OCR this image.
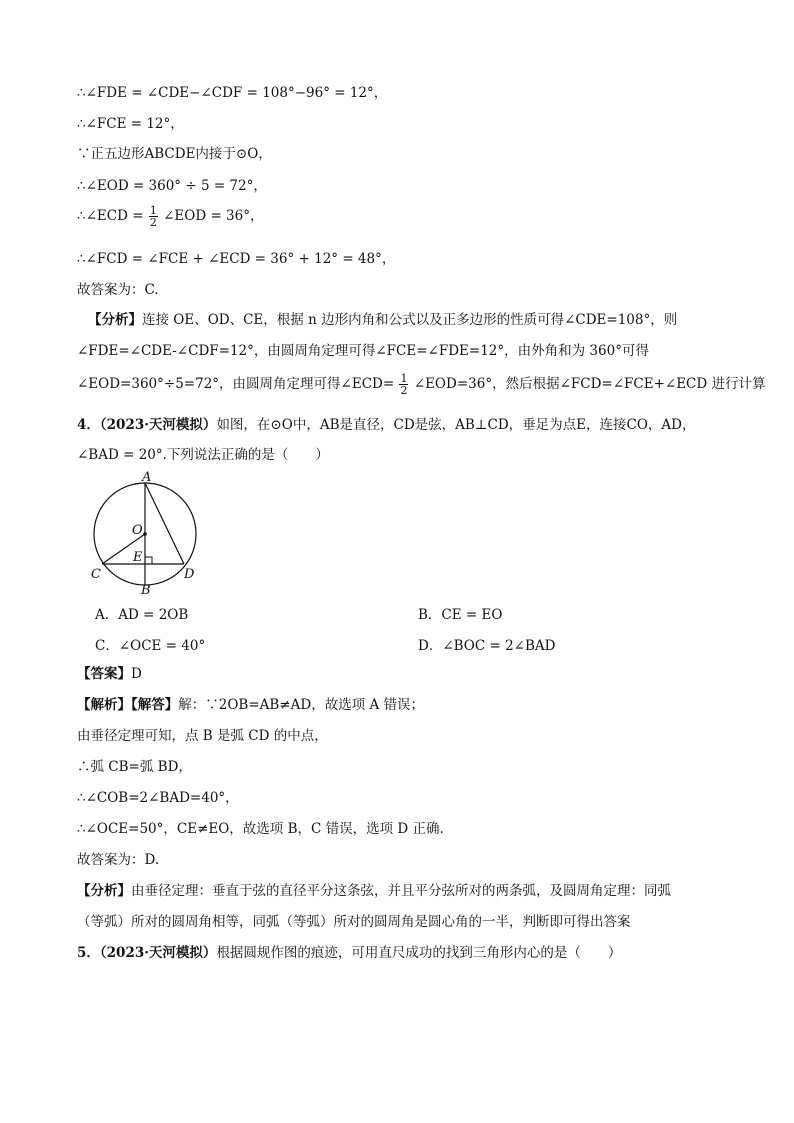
∴∠FDE = ∠CDE−∠CDF = 108°−96° = 12°，
∴∠FCE = 12°，
∵正五边形ABCDE内接于⊙O，
∴∠EOD = 360° ÷ 5 = 72°，
∴∠ECD = $\frac{1}{2}$ ∠EOD = 36°，
∴∠FCD = ∠FCE + ∠ECD = 36° + 12° = 48°，
故答案为：C.
【分析】连接 OE、OD、CE，根据 n 边形内角和公式以及正多边形的性质可得∠CDE=108°，则
∠FDE=∠CDE-∠CDF=12°，由圆周角定理可得∠FCE=∠FDE=12°，由外角和为 360°可得
∠EOD=360°÷5=72°，由圆周角定理可得∠ECD= $\frac{1}{2}$ ∠EOD=36°，然后根据∠FCD=∠FCE+∠ECD 进行计算
4．（2023·天河模拟）如图，在⊙O中，AB是直径，CD是弦，AB⊥CD，垂足为点E，连接CO，AD，
∠BAD = 20°.下列说法正确的是（　　）
A
O
E
C	D
B
A．AD = 2OB	B．CE = EO
C．∠OCE = 40°	D．∠BOC = 2∠BAD
【答案】D
【解析】【解答】解：∵2OB=AB≠AD，故选项 A 错误；
由垂径定理可知，点 B 是弧 CD 的中点，
∴弧 CB=弧 BD，
∴∠COB=2∠BAD=40°，
∴∠OCE=50°，CE≠EO，故选项 B，C 错误，选项 D 正确.
故答案为：D.
【分析】由垂径定理：垂直于弦的直径平分这条弦，并且平分弦所对的两条弧，及圆周角定理：同弧
（等弧）所对的圆周角相等，同弧（等弧）所对的圆周角是圆心角的一半，判断即可得出答案
5．（2023·天河模拟）根据圆规作图的痕迹，可用直尺成功的找到三角形内心的是（　　）
